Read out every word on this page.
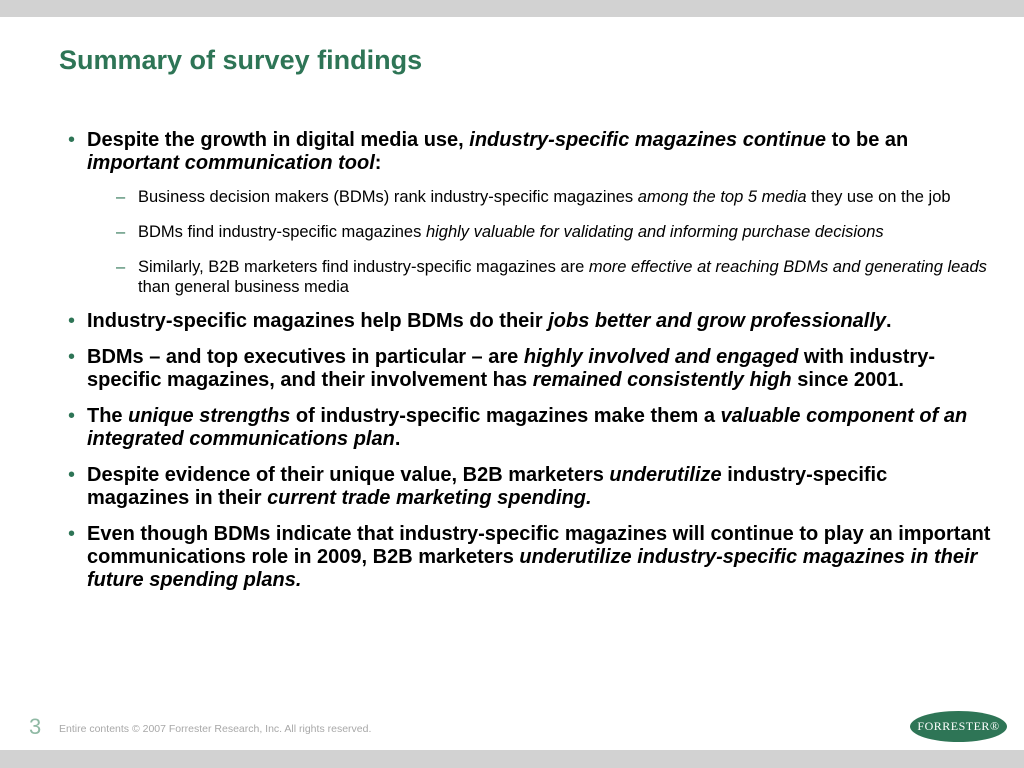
Summary of survey findings
• Despite the growth in digital media use, industry-specific magazines continue to be an important communication tool:
– Business decision makers (BDMs) rank industry-specific magazines among the top 5 media they use on the job
– BDMs find industry-specific magazines highly valuable for validating and informing purchase decisions
– Similarly, B2B marketers find industry-specific magazines are more effective at reaching BDMs and generating leads than general business media
• Industry-specific magazines help BDMs do their jobs better and grow professionally.
• BDMs – and top executives in particular – are highly involved and engaged with industry-specific magazines, and their involvement has remained consistently high since 2001.
• The unique strengths of industry-specific magazines make them a valuable component of an integrated communications plan.
• Despite evidence of their unique value, B2B marketers underutilize industry-specific magazines in their current trade marketing spending.
• Even though BDMs indicate that industry-specific magazines will continue to play an important communications role in 2009, B2B marketers underutilize industry-specific magazines in their future spending plans.
3 Entire contents © 2007 Forrester Research, Inc. All rights reserved.	FORRESTER®
